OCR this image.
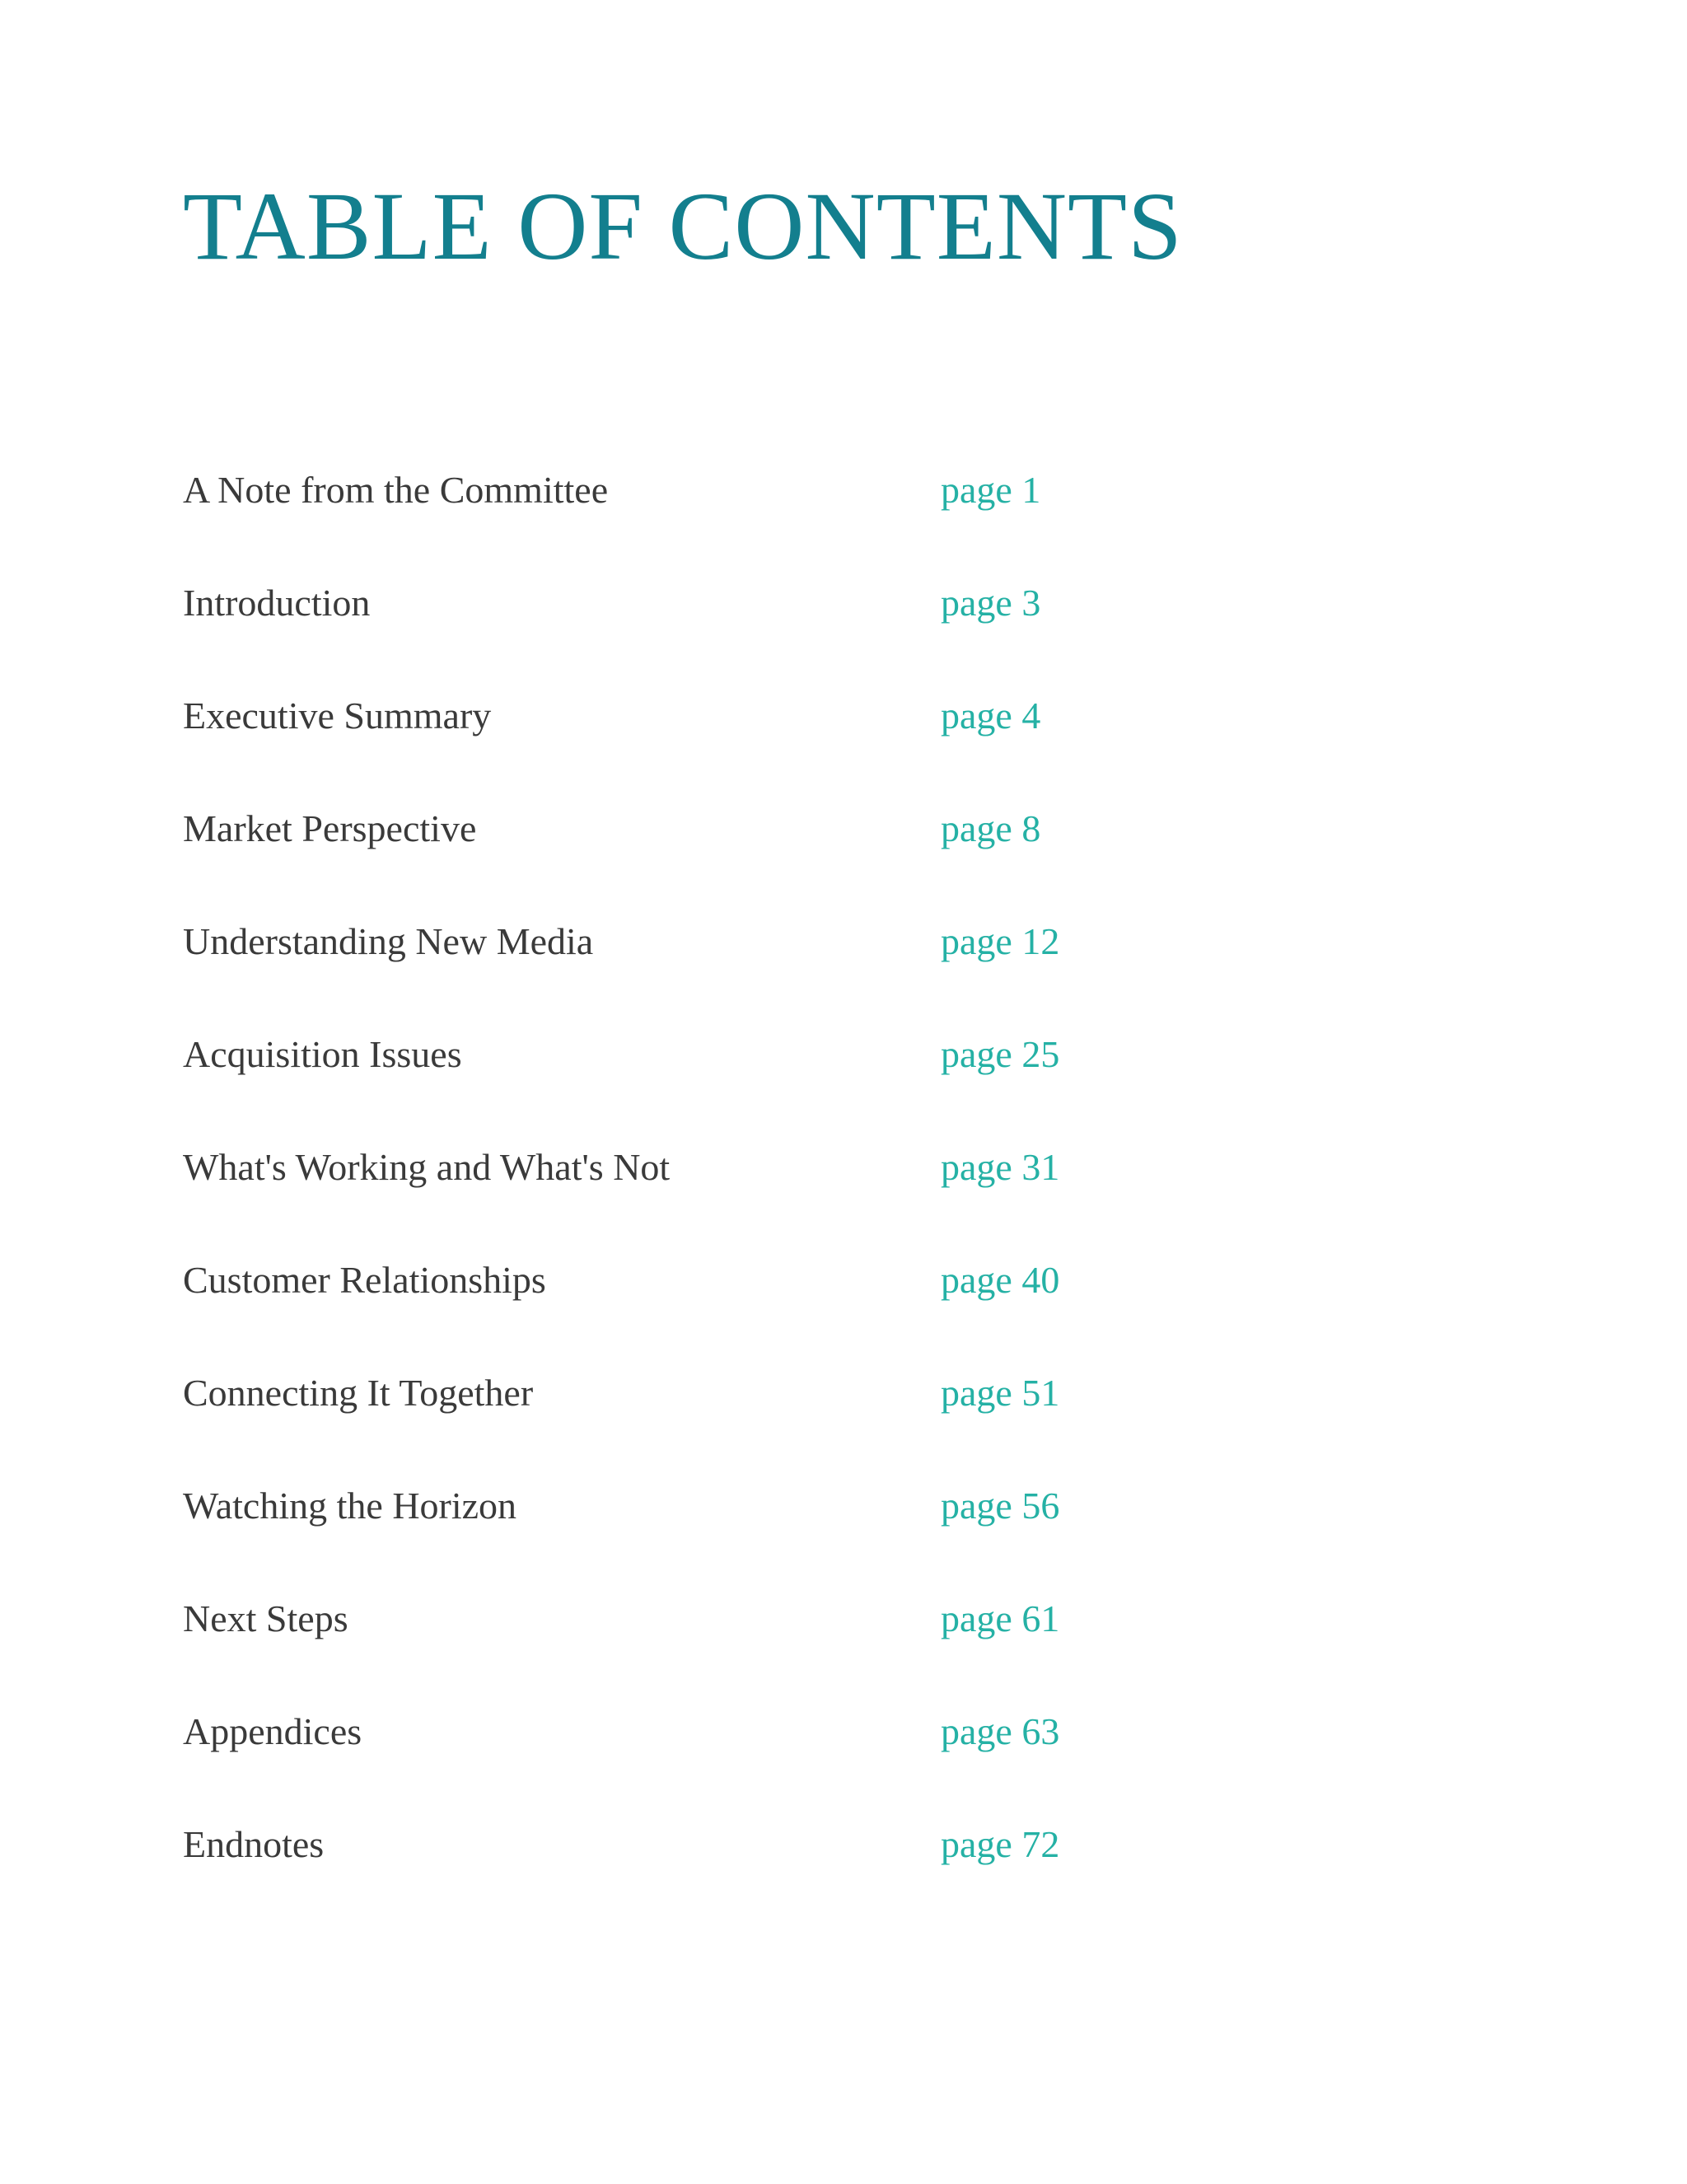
TABLE OF CONTENTS
A Note from the Committee	page 1
Introduction	page 3
Executive Summary	page 4
Market Perspective	page 8
Understanding New Media	page 12
Acquisition Issues	page 25
What's Working and What's Not	page 31
Customer Relationships	page 40
Connecting It Together	page 51
Watching the Horizon	page 56
Next Steps	page 61
Appendices	page 63
Endnotes	page 72
